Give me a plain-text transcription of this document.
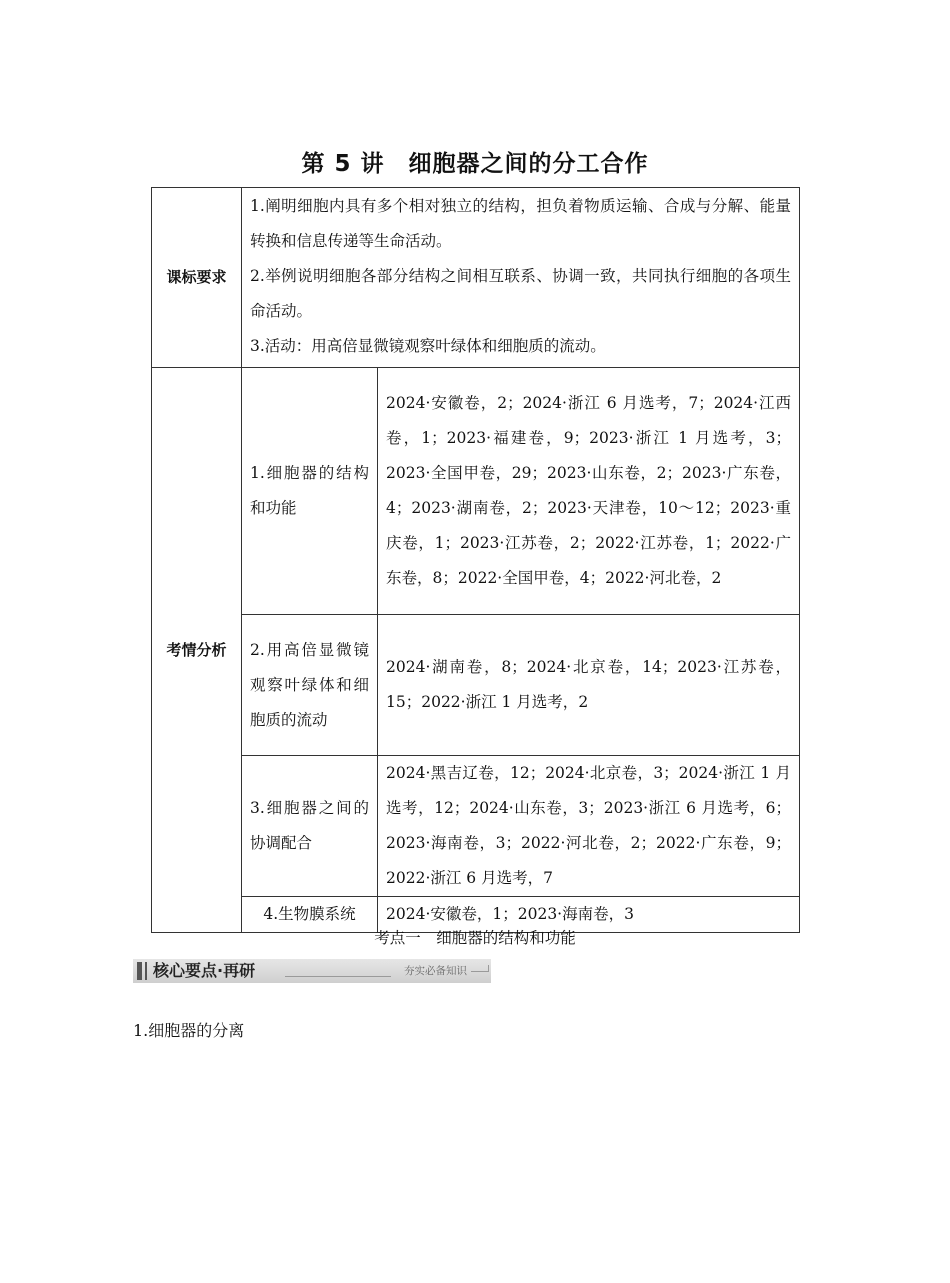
第 5 讲　细胞器之间的分工合作
课标要求	1.阐明细胞内具有多个相对独立的结构，担负着物质运输、合成与分解、能量转换和信息传递等生命活动。
2.举例说明细胞各部分结构之间相互联系、协调一致，共同执行细胞的各项生命活动。
3.活动：用高倍显微镜观察叶绿体和细胞质的流动。	

考情分析	1.细胞器的结构和功能	2024·安徽卷，2；2024·浙江 6 月选考，7；2024·江西卷，1；2023·福建卷，9；2023·浙江 1 月选考，3；2023·全国甲卷，29；2023·山东卷，2；2023·广东卷，4；2023·湖南卷，2；2023·天津卷，10～12；2023·重庆卷，1；2023·江苏卷，2；2022·江苏卷，1；2022·广东卷，8；2022·全国甲卷，4；2022·河北卷，2
	2.用高倍显微镜观察叶绿体和细胞质的流动	2024·湖南卷，8；2024·北京卷，14；2023·江苏卷，15；2022·浙江 1 月选考，2
	3.细胞器之间的协调配合	2024·黑吉辽卷，12；2024·北京卷，3；2024·浙江 1 月选考，12；2024·山东卷，3；2023·浙江 6 月选考，6；2023·海南卷，3；2022·河北卷，2；2022·广东卷，9；2022·浙江 6 月选考，7
	4.生物膜系统	2024·安徽卷，1；2023·海南卷，3
考点一　细胞器的结构和功能
核心要点·再研	夯实必备知识
1.细胞器的分离
